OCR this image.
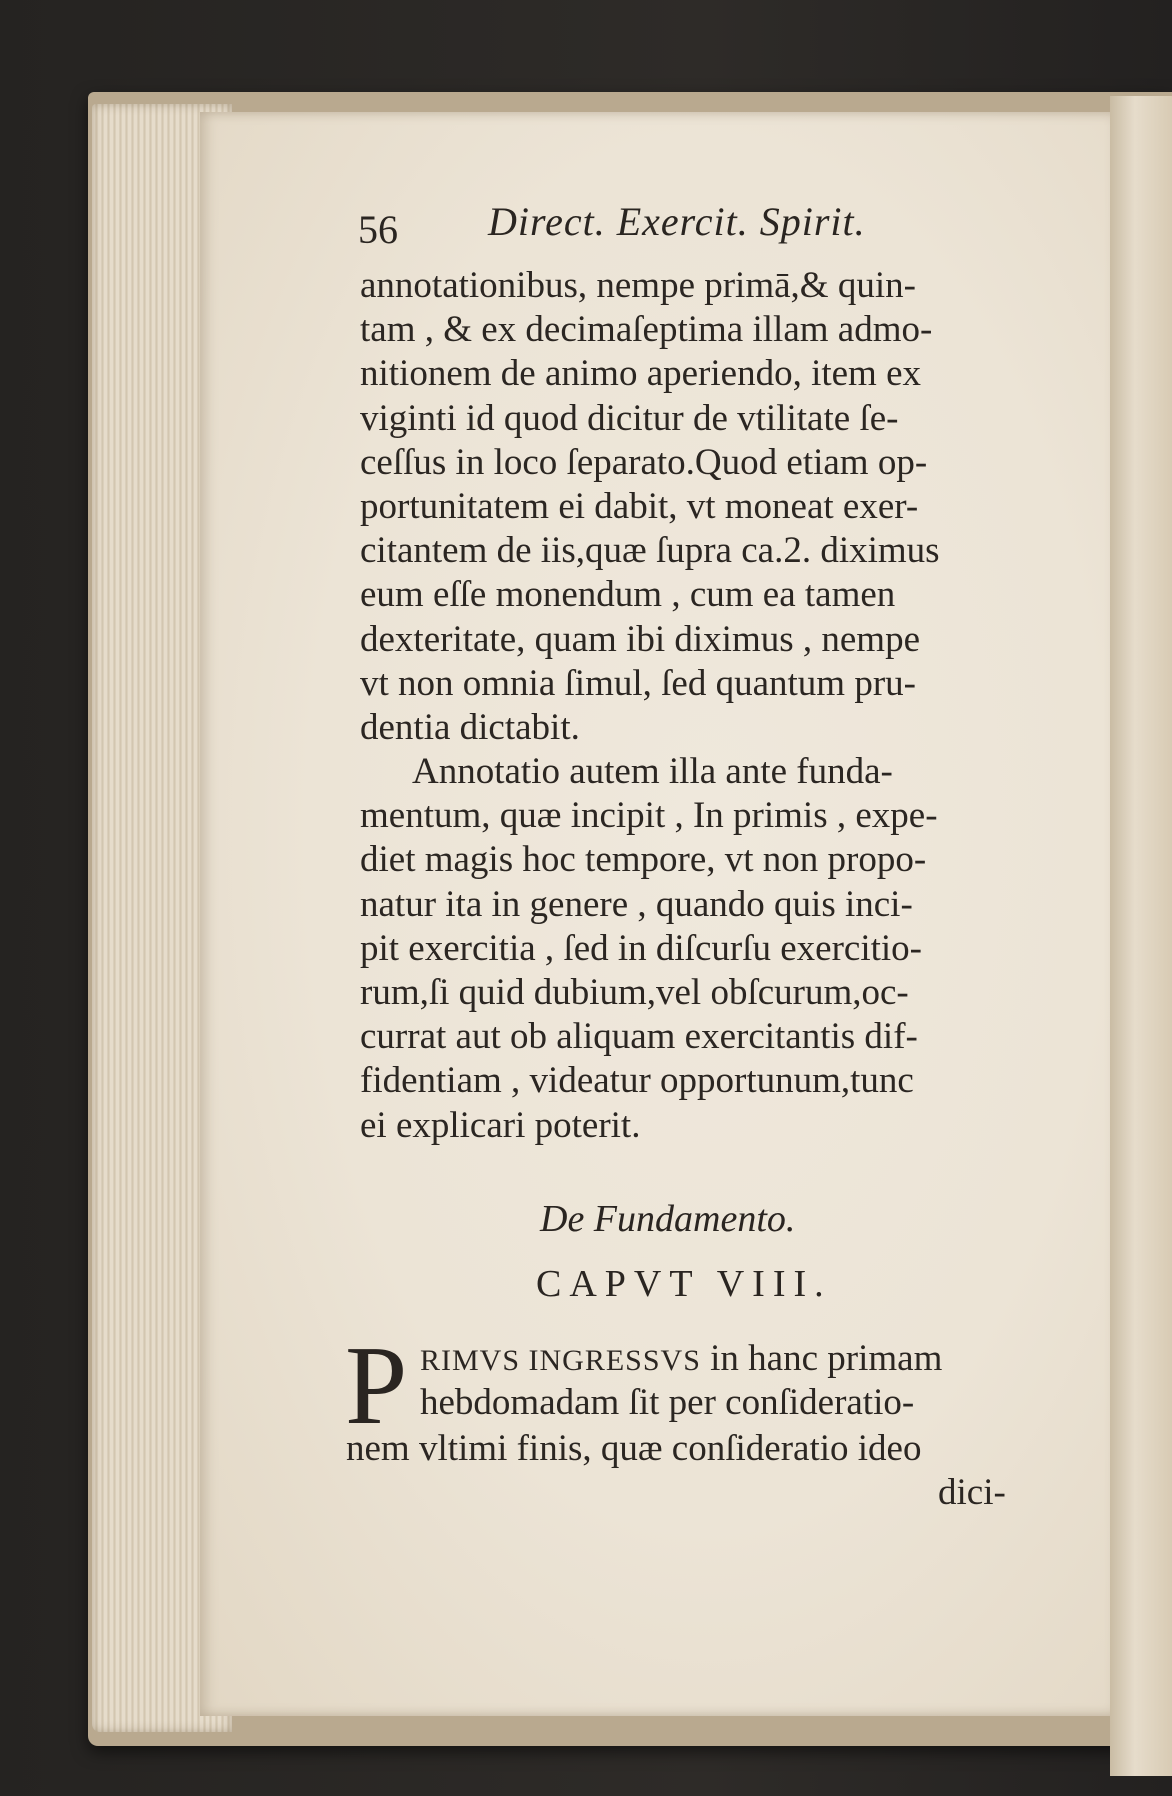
56 Direct. Exercit. Spirit.
annotationibus, nempe primā,& quin-
tam , & ex decimaſeptima illam admo-
nitionem de animo aperiendo, item ex
viginti id quod dicitur de vtilitate ſe-
ceſſus in loco ſeparato.Quod etiam op-
portunitatem ei dabit, vt moneat exer-
citantem de iis,quæ ſupra ca.2. diximus
eum eſſe monendum , cum ea tamen
dexteritate, quam ibi diximus , nempe
vt non omnia ſimul, ſed quantum pru-
dentia dictabit.
Annotatio autem illa ante funda-
mentum, quæ incipit , In primis , expe-
diet magis hoc tempore, vt non propo-
natur ita in genere , quando quis inci-
pit exercitia , ſed in diſcurſu exercitio-
rum,ſi quid dubium,vel obſcurum,oc-
currat aut ob aliquam exercitantis dif-
fidentiam , videatur opportunum,tunc
ei explicari poterit.
De Fundamento.
CAPVT VIII.
P RIMVS INGRESSVS in hanc primam
hebdomadam ſit per conſideratio-
nem vltimi finis, quæ conſideratio ideo
dici-
